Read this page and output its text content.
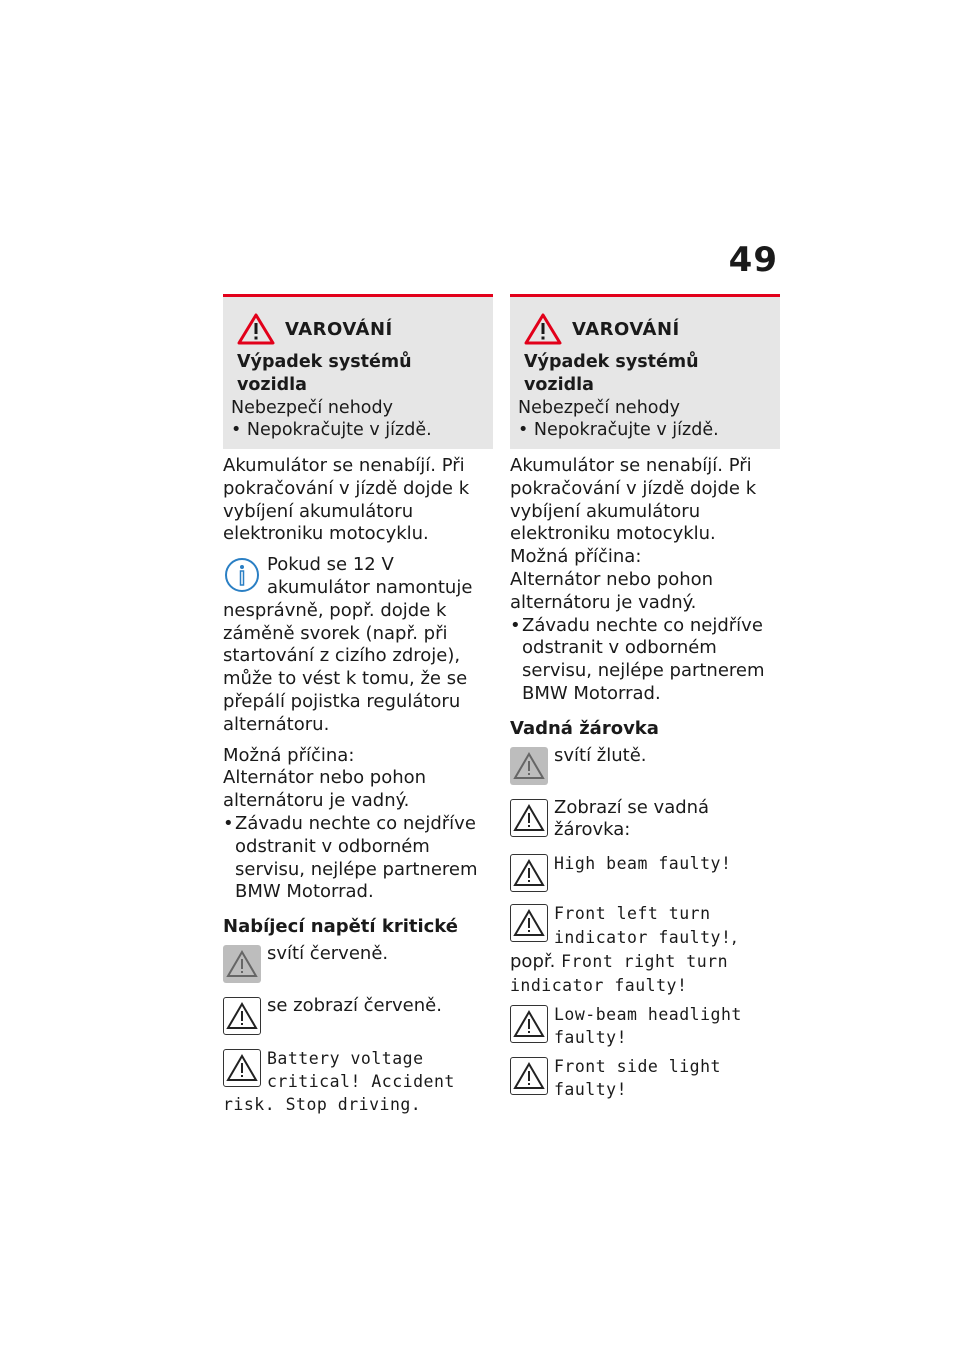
49
VAROVÁNÍ
Výpadek systémů vozidla
Nebezpečí nehody
• Nepokračujte v jízdě.

Akumulátor se nenabíjí. Při pokračování v jízdě dojde k vybíjení akumulátoru elektroniku motocyklu.

Pokud se 12 V akumulátor namontuje nesprávně, popř. dojde k záměně svorek (např. při startování z cizího zdroje), může to vést k tomu, že se přepálí pojistka regulátoru alternátoru.

Možná příčina:

Alternátor nebo pohon alternátoru je vadný.

• Závadu nechte co nejdříve odstranit v odborném servisu, nejlépe partnerem BMW Motorrad.
Nabíjecí napětí kritické

svítí červeně.

se zobrazí červeně.

Battery voltage critical! Accident risk. Stop driving.

VAROVÁNÍ
Výpadek systémů vozidla
Nebezpečí nehody
• Nepokračujte v jízdě.

Akumulátor se nenabíjí. Při pokračování v jízdě dojde k vybíjení akumulátoru elektroniku motocyklu.

Možná příčina:

Alternátor nebo pohon alternátoru je vadný.

• Závadu nechte co nejdříve odstranit v odborném servisu, nejlépe partnerem BMW Motorrad.
Vadná žárovka

svítí žlutě.

Zobrazí se vadná žárovka:

High beam faulty!

Front left turn indicator faulty!, popř. Front right turn indicator faulty!

Low-beam headlight faulty!

Front side light faulty!
